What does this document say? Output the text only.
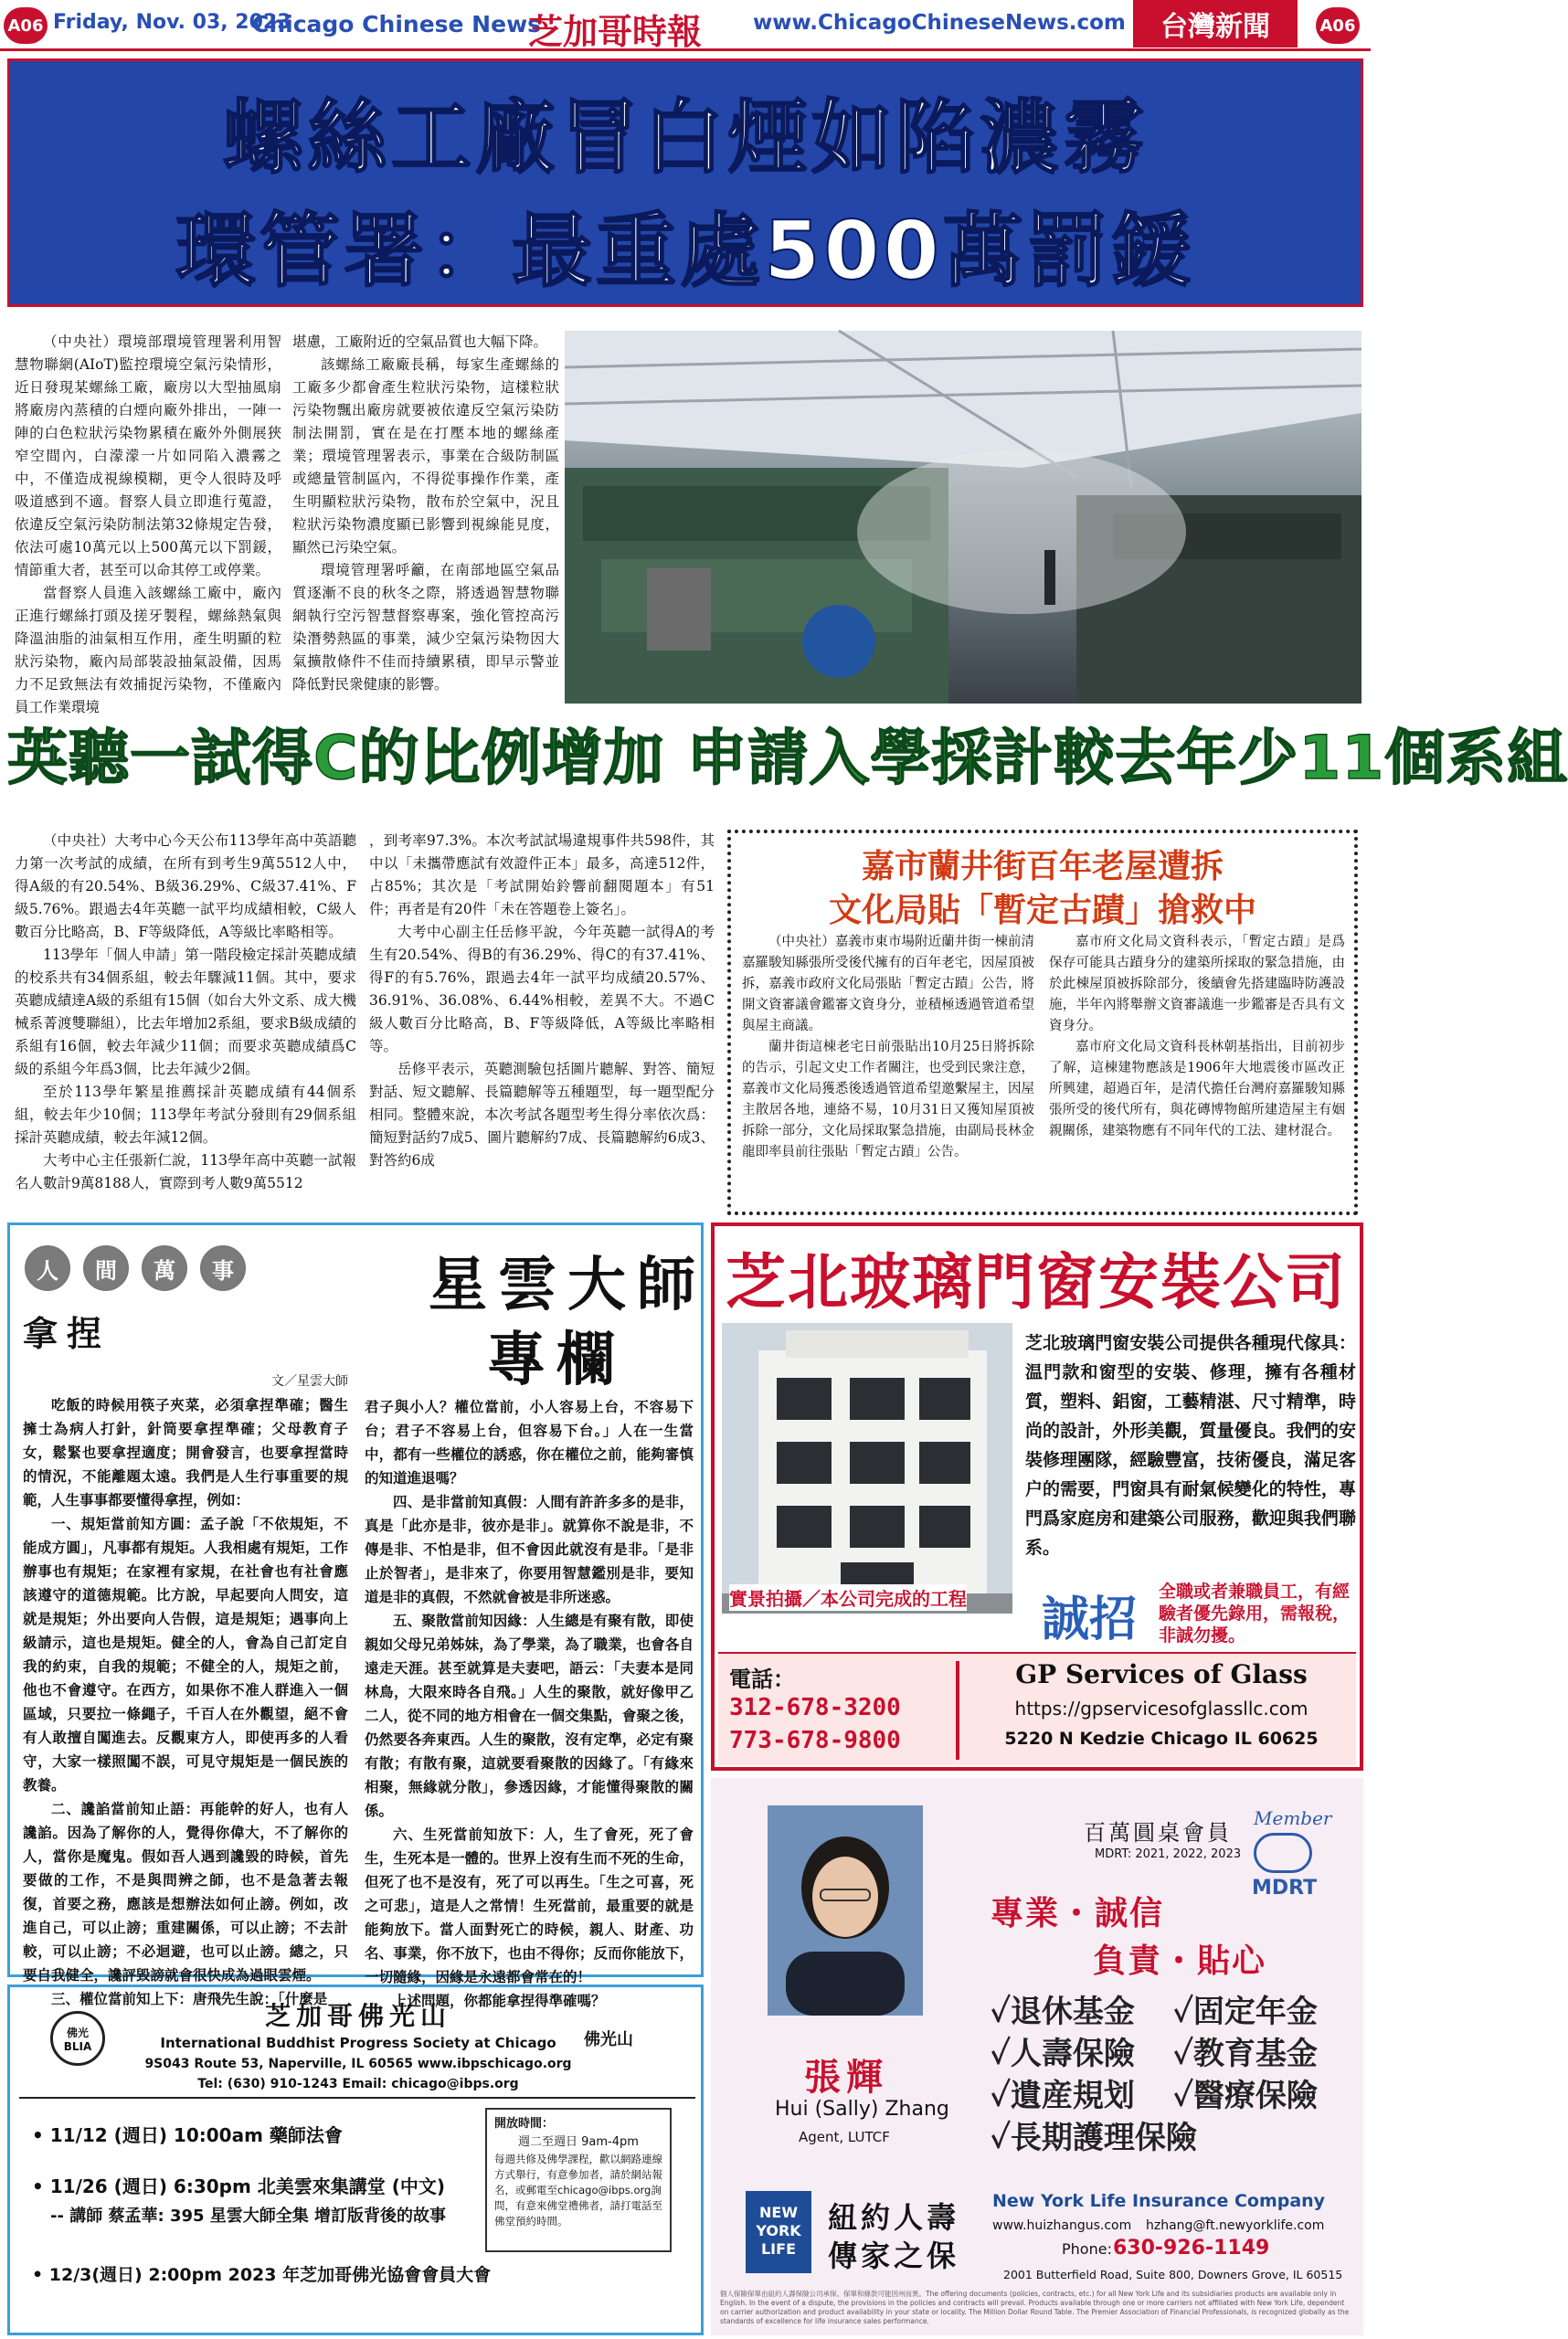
A06 Friday, Nov. 03, 2023
Chicago Chinese News
芝加哥時報 www.ChicagoChineseNews.com	台灣新聞	A06
螺絲工廠冒白煙如陷濃霧
環管署：最重處500萬罰鍰

（中央社）環境部環境管理署利用智慧物聯網(AIoT)監控環境空氣污染情形，近日發現某螺絲工廠，廠房以大型抽風扇將廠房內蒸積的白煙向廠外排出，一陣一陣的白色粒狀污染物累積在廠外外側展狹窄空間內，白濛濛一片如同陷入濃霧之中，不僅造成視線模糊，更令人很時及呼吸道感到不適。督察人員立即進行蒐證，依違反空氣污染防制法第32條規定告發，依法可處10萬元以上500萬元以下罰鍰，情節重大者，甚至可以命其停工或停業。

當督察人員進入該螺絲工廠中，廠內正進行螺絲打頭及搓牙製程，螺絲熱氣與降溫油脂的油氣相互作用，產生明顯的粒狀污染物，廠內局部裝設抽氣設備，因馬力不足致無法有效捕捉污染物，不僅廠內員工作業環境

堪慮，工廠附近的空氣品質也大幅下降。

該螺絲工廠廠長稱，每家生產螺絲的工廠多少都會產生粒狀污染物，這樣粒狀污染物飄出廠房就要被依違反空氣污染防制法開罰，實在是在打壓本地的螺絲產業；環境管理署表示，事業在合級防制區或總量管制區內，不得從事操作作業，產生明顯粒狀污染物，散布於空氣中，況且粒狀污染物濃度顯已影響到視線能見度，顯然已污染空氣。

環境管理署呼籲，在南部地區空氣品質逐漸不良的秋冬之際，將透過智慧物聯網執行空污智慧督察專案，強化管控高污染潛勢熱區的事業，減少空氣污染物因大氣擴散條件不佳而持續累積，即早示警並降低對民衆健康的影響。

英聽一試得C的比例增加 申請入學採計較去年少11個系組

（中央社）大考中心今天公布113學年高中英語聽力第一次考試的成績，在所有到考生9萬5512人中，得A級的有20.54%、B級36.29%、C級37.41%、F級5.76%。跟過去4年英聽一試平均成績相較，C級人數百分比略高，B、F等級降低，A等級比率略相等。

113學年「個人申請」第一階段檢定採計英聽成績的校系共有34個系組，較去年驟減11個。其中，要求英聽成績達A級的系組有15個（如台大外文系、成大機械系菁渡雙聯組），比去年增加2系組，要求B級成績的系組有16個，較去年減少11個；而要求英聽成績爲C級的系組今年爲3個，比去年減少2個。

至於113學年繁星推薦採計英聽成績有44個系組，較去年少10個；113學年考試分發則有29個系組採計英聽成績，較去年減12個。

大考中心主任張新仁說，113學年高中英聽一試報名人數計9萬8188人，實際到考人數9萬5512

，到考率97.3%。本次考試試場違規事件共598件，其中以「未攜帶應試有效證件正本」最多，高達512件，占85%；其次是「考試開始鈴響前翻閱題本」有51件；再者是有20件「未在答題卷上簽名」。

大考中心副主任岳修平說，今年英聽一試得A的考生有20.54%、得B的有36.29%、得C的有37.41%、得F的有5.76%，跟過去4年一試平均成績20.57%、36.91%、36.08%、6.44%相較，差異不大。不過C級人數百分比略高，B、F等級降低，A等級比率略相等。

岳修平表示，英聽測驗包括圖片聽解、對答、簡短對話、短文聽解、長篇聽解等五種題型，每一題型配分相同。整體來說，本次考試各題型考生得分率依次爲：簡短對話約7成5、圖片聽解約7成、長篇聽解約6成3、對答約6成

嘉市蘭井街百年老屋遭拆
文化局貼「暫定古蹟」搶救中

（中央社）嘉義市東市場附近蘭井街一棟前清嘉羅駿知縣張所受後代擁有的百年老宅，因屋頂被拆，嘉義市政府文化局張貼「暫定古蹟」公告，將開文資審議會鑑審文資身分，並積極透過管道希望與屋主商議。

蘭井街這棟老宅日前張貼出10月25日將拆除的告示，引起文史工作者關注，也受到民衆注意，嘉義市文化局獲悉後透過管道希望邀繫屋主，因屋主散居各地，連絡不易，10月31日又獲知屋頂被拆除一部分，文化局採取緊急措施，由副局長林金龍即率員前往張貼「暫定古蹟」公告。

嘉市府文化局文資科表示，「暫定古蹟」是爲保存可能具古蹟身分的建築所採取的緊急措施，由於此棟屋頂被拆除部分，後續會先搭建臨時防護設施，半年內將舉辦文資審議進一步鑑審是否具有文資身分。

嘉市府文化局文資科長林朝基指出，目前初步了解，這棟建物應該是1906年大地震後市區改正所興建，超過百年，是清代擔任台灣府嘉羅駿知縣張所受的後代所有，與花磚博物館所建造屋主有姻親關係，建築物應有不同年代的工法、建材混合。

人	間	萬	事
拿捏
星雲大師
專欄
文／星雲大師

吃飯的時候用筷子夾菜，必須拿捏準確；醫生擁士為病人打針，針筒要拿捏準確；父母教育子女，鬆緊也要拿捏適度；開會發言，也要拿捏當時的情況，不能離題太遠。我們是人生行事重要的規範，人生事事都要懂得拿捏，例如：

一、規矩當前知方圓：孟子說「不依規矩，不能成方圓」，凡事都有規矩。人我相處有規矩，工作辦事也有規矩；在家裡有家規，在社會也有社會應該遵守的道德規範。比方說，早起要向人問安，這就是規矩；外出要向人告假，這是規矩；遇事向上級請示，這也是規矩。健全的人，會為自己訂定自我的約束，自我的規範；不健全的人，規矩之前，他也不會遵守。在西方，如果你不准人群進入一個區域，只要拉一條繩子，千百人在外觀望，絕不會有人敢擅自闖進去。反觀東方人，即使再多的人看守，大家一樣照闖不誤，可見守規矩是一個民族的教養。

二、讒諂當前知止語：再能幹的好人，也有人讒諂。因為了解你的人，覺得你偉大，不了解你的人，當你是魔鬼。假如吾人遇到讒毀的時候，首先要做的工作，不是與問辨之師，也不是急著去報復，首要之務，應該是想辦法如何止謗。例如，改進自己，可以止謗；重建關係，可以止謗；不去計較，可以止謗；不必迴避，也可以止謗。總之，只要自我健全，讒評毀謗就會很快成為過眼雲煙。

三、權位當前知上下：唐飛先生說：「什麼是

君子與小人？權位當前，小人容易上台，不容易下台；君子不容易上台，但容易下台。」人在一生當中，都有一些權位的誘惑，你在權位之前，能夠審慎的知道進退嗎？

四、是非當前知真假：人間有許許多多的是非，真是「此亦是非，彼亦是非」。就算你不說是非，不傳是非、不怕是非，但不會因此就沒有是非。「是非止於智者」，是非來了，你要用智慧鑑別是非，要知道是非的真假，不然就會被是非所迷惑。

五、聚散當前知因緣：人生總是有聚有散，即使親如父母兄弟姊妹，為了學業，為了職業，也會各自遠走天涯。甚至就算是夫妻吧，語云：「夫妻本是同林鳥，大限來時各自飛。」人生的聚散，就好像甲乙二人，從不同的地方相會在一個交集點，會聚之後，仍然要各奔東西。人生的聚散，沒有定準，必定有聚有散；有散有聚，這就要看聚散的因緣了。「有緣來相聚，無緣就分散」，參透因緣，才能懂得聚散的關係。

六、生死當前知放下：人，生了會死，死了會生，生死本是一體的。世界上沒有生而不死的生命，但死了也不是沒有，死了可以再生。「生之可喜，死之可悲」，這是人之常情！生死當前，最重要的就是能夠放下。當人面對死亡的時候，親人、財產、功名、事業，你不放下，也由不得你；反而你能放下，一切隨緣，因緣是永遠都會常在的！

上述問題，你都能拿捏得準確嗎？

佛光 BLIA	佛光山
芝加哥佛光山
International Buddhist Progress Society at Chicago
9S043 Route 53, Naperville, IL 60565 www.ibpschicago.org
Tel: (630) 910-1243 Email: chicago@ibps.org
• 11/12 (週日) 10:00am 藥師法會
• 11/26 (週日) 6:30pm 北美雲來集講堂 (中文)
-- 講師 蔡孟華: 395 星雲大師全集 增訂版背後的故事
• 12/3(週日) 2:00pm 2023 年芝加哥佛光協會會員大會
開放時間：
週二至週日 9am-4pm
每週共修及佛學課程，歡以網路連線方式舉行，有意參加者，請於網站報名，或郵電至chicago@ibps.org詢問，有意來佛堂禮佛者，請打電話至佛堂預約時間。
芝北玻璃門窗安裝公司
實景拍攝／本公司完成的工程
芝北玻璃門窗安裝公司提供各種現代傢具：温門款和窗型的安裝、修理，擁有各種材質，塑料、鋁窗，工藝精湛、尺寸精準，時尚的設計，外形美觀，質量優良。我們的安裝修理團隊，經驗豐富，技術優良，滿足客户的需要，門窗具有耐氣候變化的特性，專門爲家庭房和建築公司服務，歡迎與我們聯系。
誠招 全職或者兼職員工，有經驗者優先錄用，需報稅，非誠勿擾。
電話：
312-678-3200
773-678-9800
GP Services of Glass
https://gpservicesofglassllc.com
5220 N Kedzie Chicago IL 60625
張輝
Hui (Sally) Zhang
Agent, LUTCF
百萬圓桌會員
MDRT: 2021, 2022, 2023
Member
MDRT
專業・誠信
負責・貼心
✓退休基金 ✓固定年金
✓人壽保險 ✓教育基金
✓遺産規划 ✓醫療保險
✓長期護理保險
NEW YORK LIFE
紐約人壽
傳家之保
New York Life Insurance Company
www.huizhangus.com hzhang@ft.newyorklife.com
Phone: 630-926-1149
2001 Butterfield Road, Suite 800, Downers Grove, IL 60515
個人保險保單由紐約人壽保險公司承保。保單和條款可能因州而異。The offering documents (policies, contracts, etc.) for all New York Life and its subsidiaries products are available only in English. In the event of a dispute, the provisions in the policies and contracts will prevail. Products available through one or more carriers not affiliated with New York Life, dependent on carrier authorization and product availability in your state or locality. The Million Dollar Round Table. The Premier Association of Financial Professionals, is recognized globally as the standards of excellence for life insurance sales performance.
